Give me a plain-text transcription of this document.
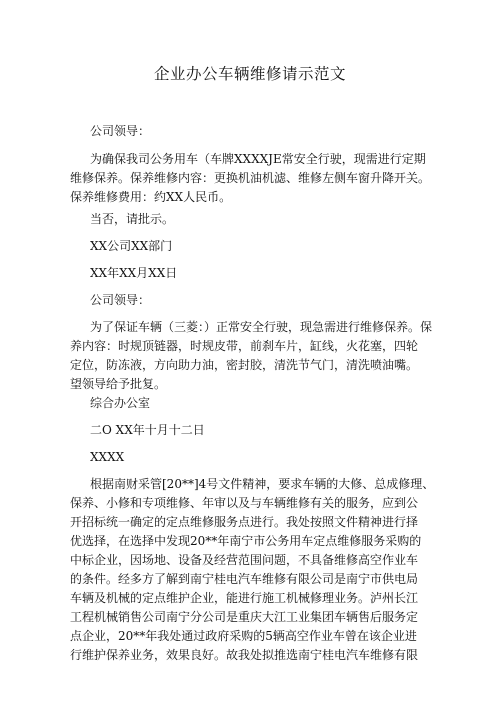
企业办公车辆维修请示范文
公司领导：
为确保我司公务用车（车牌XXXXJE常安全行驶，现需进行定期
维修保养。保养维修内容：更换机油机滤、维修左侧车窗升降开关。
保养维修费用：约XX人民币。
当否，请批示。
XX公司XX部门
XX年XX月XX日
公司领导：
为了保证车辆（三菱：）正常安全行驶，现急需进行维修保养。保
养内容：时规顶链器，时规皮带，前刹车片，缸线，火花塞，四轮
定位，防冻液，方向助力油，密封胶，清洗节气门，清洗喷油嘴。
望领导给予批复。
综合办公室
二O XX年十月十二日
XXXX
根据南财采管[20**]4号文件精神，要求车辆的大修、总成修理、
保养、小修和专项维修、年审以及与车辆维修有关的服务，应到公
开招标统一确定的定点维修服务点进行。我处按照文件精神进行择
优选择，在选择中发现20**年南宁市公务用车定点维修服务采购的
中标企业，因场地、设备及经营范围问题，不具备维修高空作业车
的条件。经多方了解到南宁桂电汽车维修有限公司是南宁市供电局
车辆及机械的定点维护企业，能进行施工机械修理业务。泸州长江
工程机械销售公司南宁分公司是重庆大江工业集团车辆售后服务定
点企业，20**年我处通过政府采购的5辆高空作业车曾在该企业进
行维护保养业务，效果良好。故我处拟推选南宁桂电汽车维修有限
